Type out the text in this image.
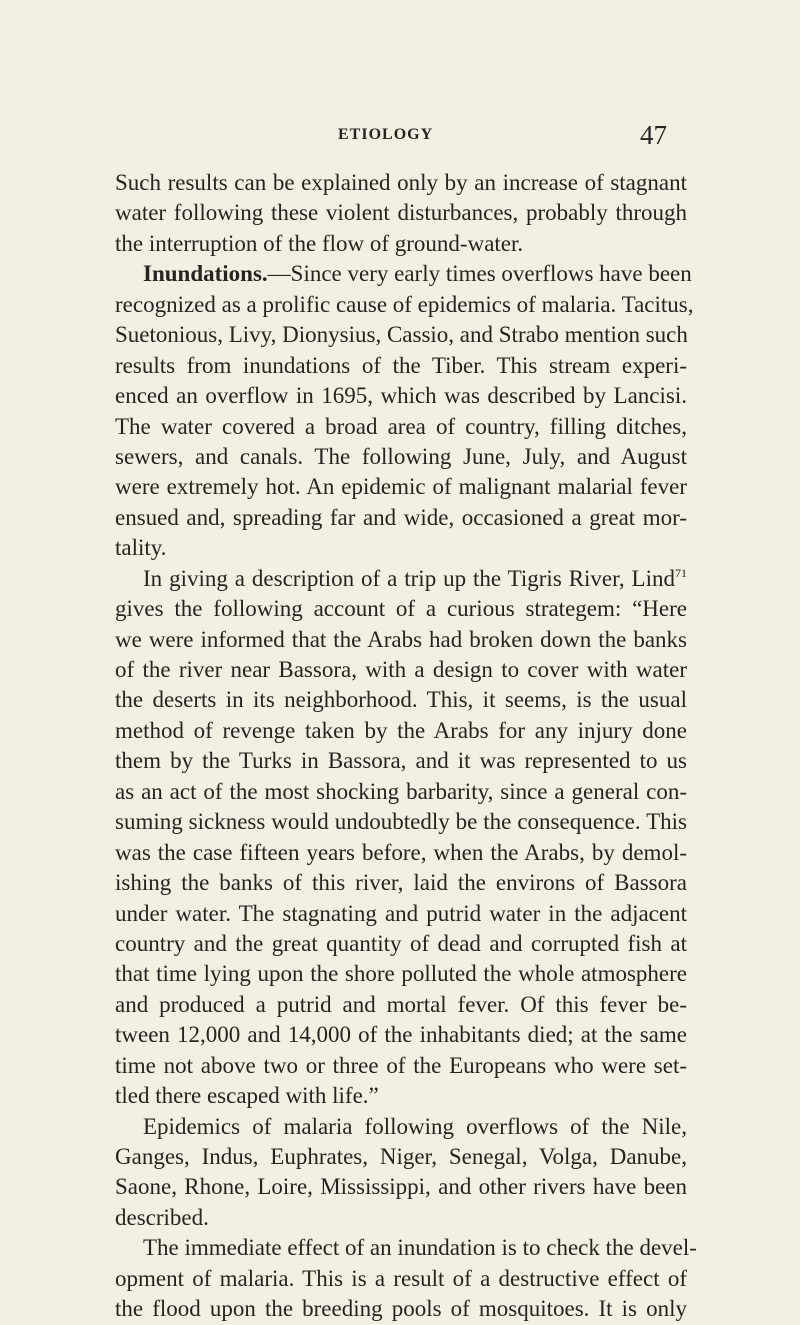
ETIOLOGY	47
Such results can be explained only by an increase of stagnant
water following these violent disturbances, probably through
the interruption of the flow of ground-water.
Inundations.—Since very early times overflows have been
recognized as a prolific cause of epidemics of malaria. Tacitus,
Suetonious, Livy, Dionysius, Cassio, and Strabo mention such
results from inundations of the Tiber. This stream experi-
enced an overflow in 1695, which was described by Lancisi.
The water covered a broad area of country, filling ditches,
sewers, and canals. The following June, July, and August
were extremely hot. An epidemic of malignant malarial fever
ensued and, spreading far and wide, occasioned a great mor-
tality.
In giving a description of a trip up the Tigris River, Lind$^{71}$
gives the following account of a curious strategem: “Here
we were informed that the Arabs had broken down the banks
of the river near Bassora, with a design to cover with water
the deserts in its neighborhood. This, it seems, is the usual
method of revenge taken by the Arabs for any injury done
them by the Turks in Bassora, and it was represented to us
as an act of the most shocking barbarity, since a general con-
suming sickness would undoubtedly be the consequence. This
was the case fifteen years before, when the Arabs, by demol-
ishing the banks of this river, laid the environs of Bassora
under water. The stagnating and putrid water in the adjacent
country and the great quantity of dead and corrupted fish at
that time lying upon the shore polluted the whole atmosphere
and produced a putrid and mortal fever. Of this fever be-
tween 12,000 and 14,000 of the inhabitants died; at the same
time not above two or three of the Europeans who were set-
tled there escaped with life.”
Epidemics of malaria following overflows of the Nile,
Ganges, Indus, Euphrates, Niger, Senegal, Volga, Danube,
Saone, Rhone, Loire, Mississippi, and other rivers have been
described.
The immediate effect of an inundation is to check the devel-
opment of malaria. This is a result of a destructive effect of
the flood upon the breeding pools of mosquitoes. It is only
